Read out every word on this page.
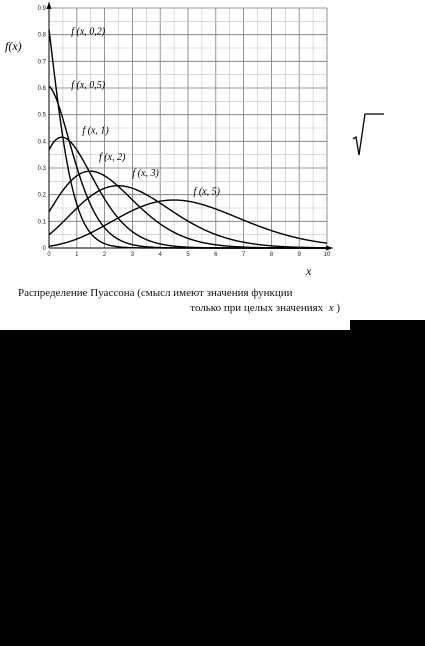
0	1	2	3	4	5	6	7	8	9	10
0
0.1
0.2
0.3
0.4
0.5
0.6
0.7
0.8
0.9
f (x, 0,2)
f (x, 0,5)
f (x, 1)
f (x, 2)
f (x, 3)
f (x, 5)
f(x)
x
Распределение Пуассона (смысл имеют значения функции
только при целых значениях x )
